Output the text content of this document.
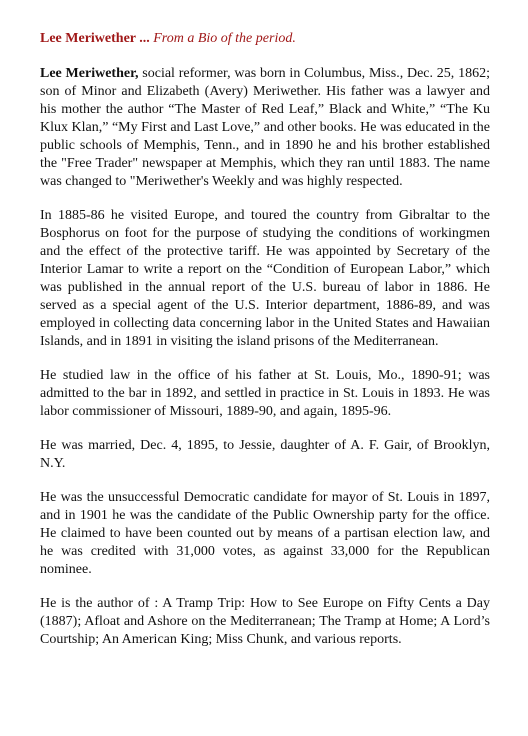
Lee Meriwether ... From a Bio of the period.

Lee Meriwether, social reformer, was born in Columbus, Miss., Dec. 25, 1862; son of Minor and Elizabeth (Avery) Meriwether. His father was a lawyer and his mother the author “The Master of Red Leaf,” Black and White,” “The Ku Klux Klan,” “My First and Last Love,” and other books. He was educated in the public schools of Memphis, Tenn., and in 1890 he and his brother established the "Free Trader" newspaper at Memphis, which they ran until 1883. The name was changed to "Meriwether's Weekly and was highly respected.

In 1885-86 he visited Europe, and toured the country from Gibraltar to the Bosphorus on foot for the purpose of studying the conditions of workingmen and the effect of the protective tariff. He was appointed by Secretary of the Interior Lamar to write a report on the “Condition of European Labor,” which was published in the annual report of the U.S. bureau of labor in 1886. He served as a special agent of the U.S. Interior department, 1886-89, and was employed in collecting data concerning labor in the United States and Hawaiian Islands, and in 1891 in visiting the island prisons of the Mediterranean.

He studied law in the office of his father at St. Louis, Mo., 1890-91; was admitted to the bar in 1892, and settled in practice in St. Louis in 1893. He was labor commissioner of Missouri, 1889-90, and again, 1895-96.

He was married, Dec. 4, 1895, to Jessie, daughter of A. F. Gair, of Brooklyn, N.Y.

He was the unsuccessful Democratic candidate for mayor of St. Louis in 1897, and in 1901 he was the candidate of the Public Ownership party for the office. He claimed to have been counted out by means of a partisan election law, and he was credited with 31,000 votes, as against 33,000 for the Republican nominee.

He is the author of : A Tramp Trip: How to See Europe on Fifty Cents a Day (1887); Afloat and Ashore on the Mediterranean; The Tramp at Home; A Lord’s Courtship; An American King; Miss Chunk, and various reports.
